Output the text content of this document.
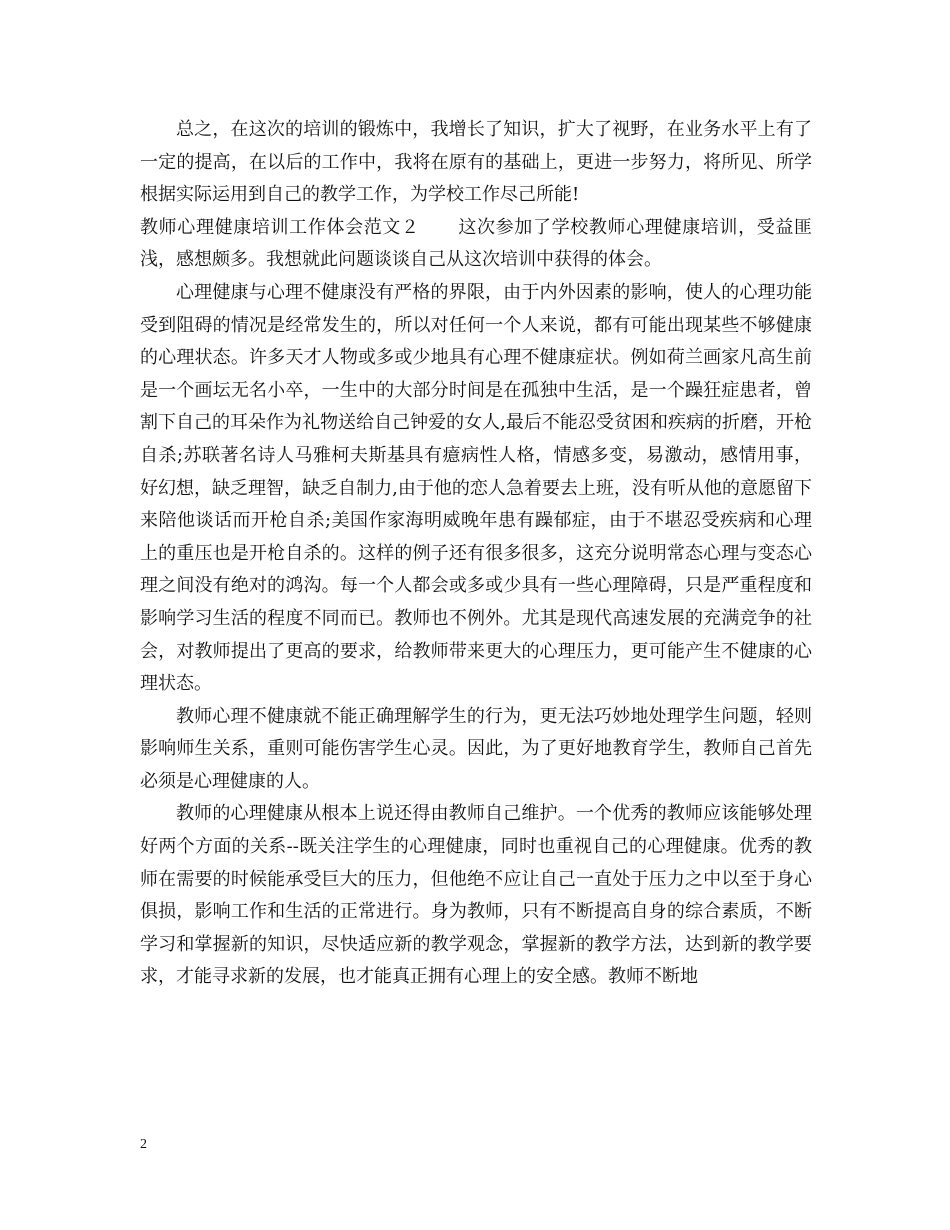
总之，在这次的培训的锻炼中，我增长了知识，扩大了视野，在业务水平上有了一定的提高，在以后的工作中，我将在原有的基础上，更进一步努力，将所见、所学根据实际运用到自己的教学工作，为学校工作尽己所能!

教师心理健康培训工作体会范文２ 这次参加了学校教师心理健康培训，受益匪浅，感想颇多。我想就此问题谈谈自己从这次培训中获得的体会。

心理健康与心理不健康没有严格的界限，由于内外因素的影响，使人的心理功能受到阻碍的情况是经常发生的，所以对任何一个人来说，都有可能出现某些不够健康的心理状态。许多天才人物或多或少地具有心理不健康症状。例如荷兰画家凡高生前是一个画坛无名小卒，一生中的大部分时间是在孤独中生活，是一个躁狂症患者，曾割下自己的耳朵作为礼物送给自己钟爱的女人,最后不能忍受贫困和疾病的折磨，开枪自杀;苏联著名诗人马雅柯夫斯基具有癔病性人格，情感多变，易激动，感情用事，好幻想，缺乏理智，缺乏自制力,由于他的恋人急着要去上班，没有听从他的意愿留下来陪他谈话而开枪自杀;美国作家海明威晚年患有躁郁症，由于不堪忍受疾病和心理上的重压也是开枪自杀的。这样的例子还有很多很多，这充分说明常态心理与变态心理之间没有绝对的鸿沟。每一个人都会或多或少具有一些心理障碍，只是严重程度和影响学习生活的程度不同而已。教师也不例外。尤其是现代高速发展的充满竞争的社会，对教师提出了更高的要求，给教师带来更大的心理压力，更可能产生不健康的心理状态。

教师心理不健康就不能正确理解学生的行为，更无法巧妙地处理学生问题，轻则影响师生关系，重则可能伤害学生心灵。因此，为了更好地教育学生，教师自己首先必须是心理健康的人。

教师的心理健康从根本上说还得由教师自己维护。一个优秀的教师应该能够处理好两个方面的关系--既关注学生的心理健康，同时也重视自己的心理健康。优秀的教师在需要的时候能承受巨大的压力，但他绝不应让自己一直处于压力之中以至于身心俱损，影响工作和生活的正常进行。身为教师，只有不断提高自身的综合素质，不断学习和掌握新的知识，尽快适应新的教学观念，掌握新的教学方法，达到新的教学要求，才能寻求新的发展，也才能真正拥有心理上的安全感。教师不断地

2
